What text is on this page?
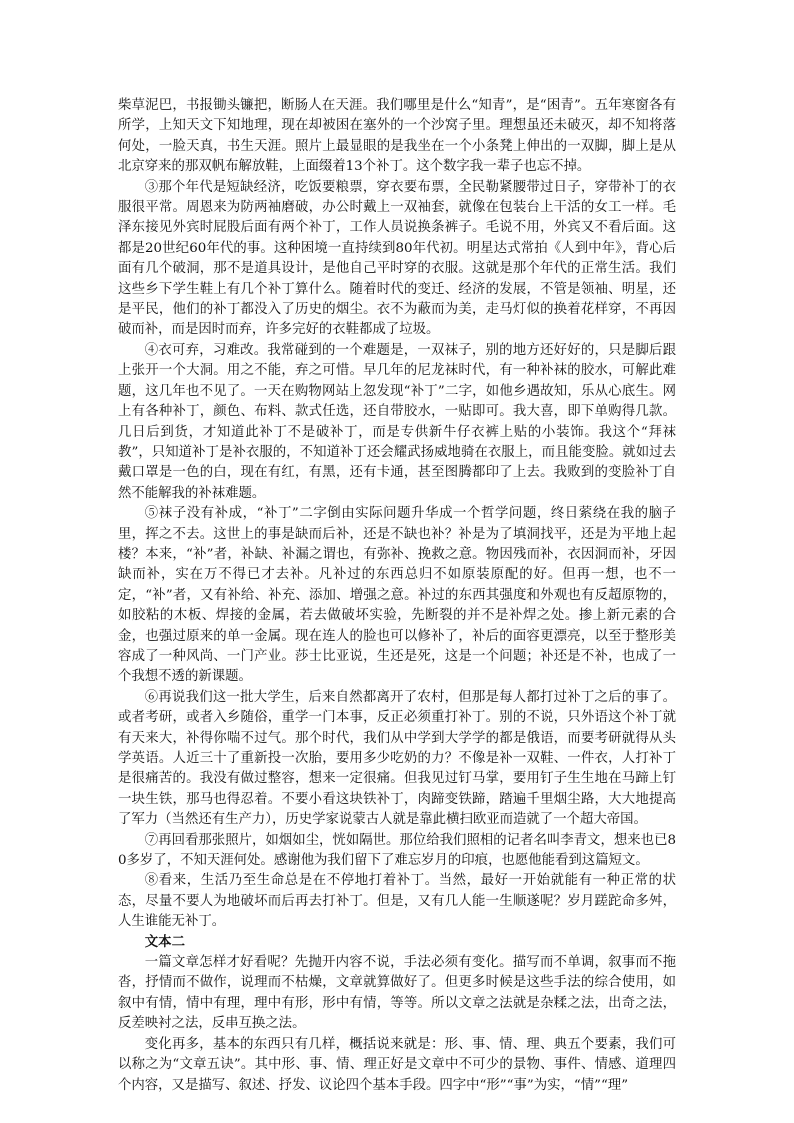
柴草泥巴，书报锄头镰把，断肠人在天涯。我们哪里是什么“知青”，是“困青”。五年寒窗各有所学，上知天文下知地理，现在却被困在塞外的一个沙窝子里。理想虽还未破灭，却不知将落何处，一脸天真，书生天涯。照片上最显眼的是我坐在一个小条凳上伸出的一双脚，脚上是从北京穿来的那双帆布解放鞋，上面缀着13个补丁。这个数字我一辈子也忘不掉。

③那个年代是短缺经济，吃饭要粮票，穿衣要布票，全民勒紧腰带过日子，穿带补丁的衣服很平常。周恩来为防两袖磨破，办公时戴上一双袖套，就像在包装台上干活的女工一样。毛泽东接见外宾时屁股后面有两个补丁，工作人员说换条裤子。毛说不用，外宾又不看后面。这都是20世纪60年代的事。这种困境一直持续到80年代初。明星达式常拍《人到中年》，背心后面有几个破洞，那不是道具设计，是他自己平时穿的衣服。这就是那个年代的正常生活。我们这些乡下学生鞋上有几个补丁算什么。随着时代的变迁、经济的发展，不管是领袖、明星，还是平民，他们的补丁都没入了历史的烟尘。衣不为蔽而为美，走马灯似的换着花样穿，不再因破而补，而是因时而弃，许多完好的衣鞋都成了垃圾。

④衣可弃，习难改。我常碰到的一个难题是，一双袜子，别的地方还好好的，只是脚后跟上张开一个大洞。用之不能，弃之可惜。早几年的尼龙袜时代，有一种补袜的胶水，可解此难题，这几年也不见了。一天在购物网站上忽发现“补丁”二字，如他乡遇故知，乐从心底生。网上有各种补丁，颜色、布料、款式任选，还自带胶水，一贴即可。我大喜，即下单购得几款。几日后到货，才知道此补丁不是破补丁，而是专供新牛仔衣裤上贴的小装饰。我这个“拜袜教”，只知道补丁是补衣服的，不知道补丁还会耀武扬威地骑在衣服上，而且能变脸。就如过去戴口罩是一色的白，现在有红，有黑，还有卡通，甚至图腾都印了上去。我败到的变脸补丁自然不能解我的补袜难题。

⑤袜子没有补成，“补丁”二字倒由实际问题升华成一个哲学问题，终日萦绕在我的脑子里，挥之不去。这世上的事是缺而后补，还是不缺也补？补是为了填洞找平，还是为平地上起楼？本来，“补”者，补缺、补漏之谓也，有弥补、挽救之意。物因残而补，衣因洞而补，牙因缺而补，实在万不得已才去补。凡补过的东西总归不如原装原配的好。但再一想，也不一定，“补”者，又有补给、补充、添加、增强之意。补过的东西其强度和外观也有反超原物的，如胶粘的木板、焊接的金属，若去做破坏实验，先断裂的并不是补焊之处。掺上新元素的合金，也强过原来的单一金属。现在连人的脸也可以修补了，补后的面容更漂亮，以至于整形美容成了一种风尚、一门产业。莎士比亚说，生还是死，这是一个问题；补还是不补，也成了一个我想不透的新课题。

⑥再说我们这一批大学生，后来自然都离开了农村，但那是每人都打过补丁之后的事了。或者考研，或者入乡随俗，重学一门本事，反正必须重打补丁。别的不说，只外语这个补丁就有天来大，补得你喘不过气。那个时代，我们从中学到大学学的都是俄语，而要考研就得从头学英语。人近三十了重新投一次胎，要用多少吃奶的力？不像是补一双鞋、一件衣，人打补丁是很痛苦的。我没有做过整容，想来一定很痛。但我见过钉马掌，要用钉子生生地在马蹄上钉一块生铁，那马也得忍着。不要小看这块铁补丁，肉蹄变铁蹄，踏遍千里烟尘路，大大地提高了军力（当然还有生产力），历史学家说蒙古人就是靠此横扫欧亚而造就了一个超大帝国。

⑦再回看那张照片，如烟如尘，恍如隔世。那位给我们照相的记者名叫李青文，想来也已80多岁了，不知天涯何处。感谢他为我们留下了难忘岁月的印痕，也愿他能看到这篇短文。

⑧看来，生活乃至生命总是在不停地打着补丁。当然，最好一开始就能有一种正常的状态，尽量不要人为地破坏而后再去打补丁。但是，又有几人能一生顺遂呢？岁月蹉跎命多舛，人生谁能无补丁。

文本二

一篇文章怎样才好看呢？先抛开内容不说，手法必须有变化。描写而不单调，叙事而不拖沓，抒情而不做作，说理而不枯燥，文章就算做好了。但更多时候是这些手法的综合使用，如叙中有情，情中有理，理中有形，形中有情，等等。所以文章之法就是杂糅之法，出奇之法，反差映衬之法，反串互换之法。

变化再多，基本的东西只有几样，概括说来就是：形、事、情、理、典五个要素，我们可以称之为“文章五诀”。其中形、事、情、理正好是文章中不可少的景物、事件、情感、道理四个内容，又是描写、叙述、抒发、议论四个基本手段。四字中“形”“事”为实，“情”“理”
